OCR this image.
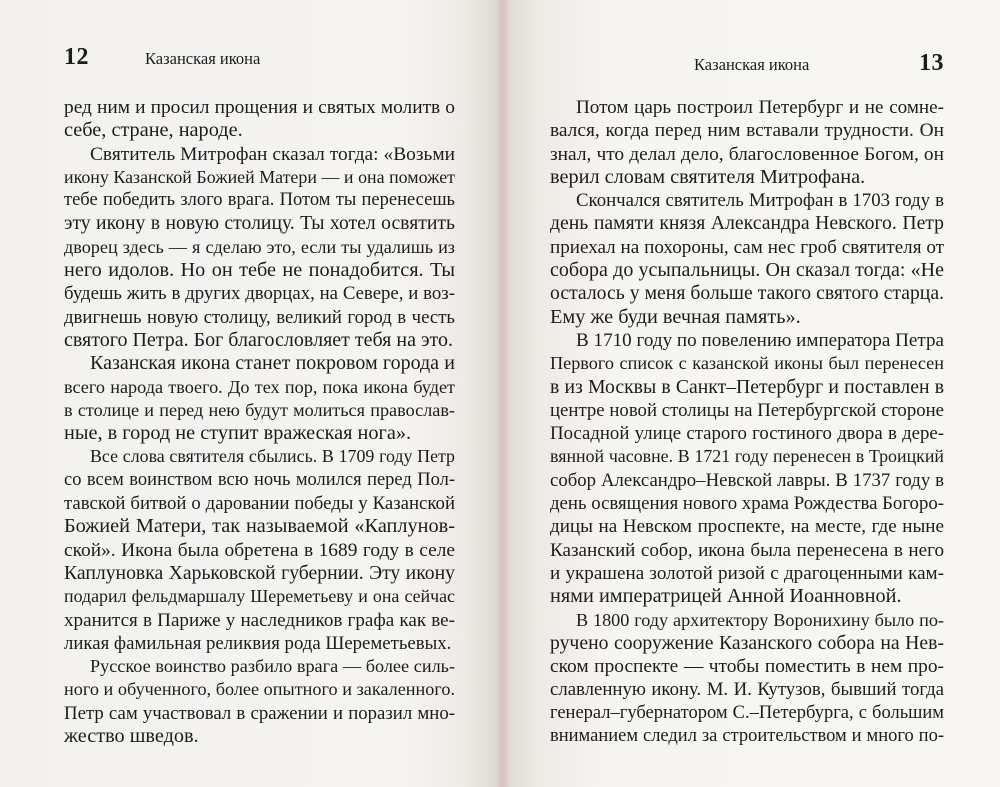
12	Казанская икона

ред ним и просил прощения и святых молитв о
себе, стране, народе.
Святитель Митрофан сказал тогда: «Возьми
икону Казанской Божией Матери — и она поможет
тебе победить злого врага. Потом ты перенесешь
эту икону в новую столицу. Ты хотел освятить
дворец здесь — я сделаю это, если ты удалишь из
него идолов. Но он тебе не понадобится. Ты
будешь жить в других дворцах, на Севере, и воз-
двигнешь новую столицу, великий город в честь
святого Петра. Бог благословляет тебя на это.
Казанская икона станет покровом города и
всего народа твоего. До тех пор, пока икона будет
в столице и перед нею будут молиться православ-
ные, в город не ступит вражеская нога».
Все слова святителя сбылись. В 1709 году Петр
со всем воинством всю ночь молился перед Пол-
тавской битвой о даровании победы у Казанской
Божией Матери, так называемой «Каплунов-
ской». Икона была обретена в 1689 году в селе
Каплуновка Харьковской губернии. Эту икону
подарил фельдмаршалу Шереметьеву и она сейчас
хранится в Париже у наследников графа как ве-
ликая фамильная реликвия рода Шереметьевых.
Русское воинство разбило врага — более силь-
ного и обученного, более опытного и закаленного.
Петр сам участвовал в сражении и поразил мно-
жество шведов.

Казанская икона	13

Потом царь построил Петербург и не сомне-
вался, когда перед ним вставали трудности. Он
знал, что делал дело, благословенное Богом, он
верил словам святителя Митрофана.
Скончался святитель Митрофан в 1703 году в
день памяти князя Александра Невского. Петр
приехал на похороны, сам нес гроб святителя от
собора до усыпальницы. Он сказал тогда: «Не
осталось у меня больше такого святого старца.
Ему же буди вечная память».
В 1710 году по повелению императора Петра
Первого список с казанской иконы был перенесен
в из Москвы в Санкт–Петербург и поставлен в
центре новой столицы на Петербургской стороне
Посадной улице старого гостиного двора в дере-
вянной часовне. В 1721 году перенесен в Троицкий
собор Александро–Невской лавры. В 1737 году в
день освящения нового храма Рождества Богоро-
дицы на Невском проспекте, на месте, где ныне
Казанский собор, икона была перенесена в него
и украшена золотой ризой с драгоценными кам-
нями императрицей Анной Иоанновной.
В 1800 году архитектору Воронихину было по-
ручено сооружение Казанского собора на Нев-
ском проспекте — чтобы поместить в нем про-
славленную икону. М. И. Кутузов, бывший тогда
генерал–губернатором С.–Петербурга, с большим
вниманием следил за строительством и много по-
